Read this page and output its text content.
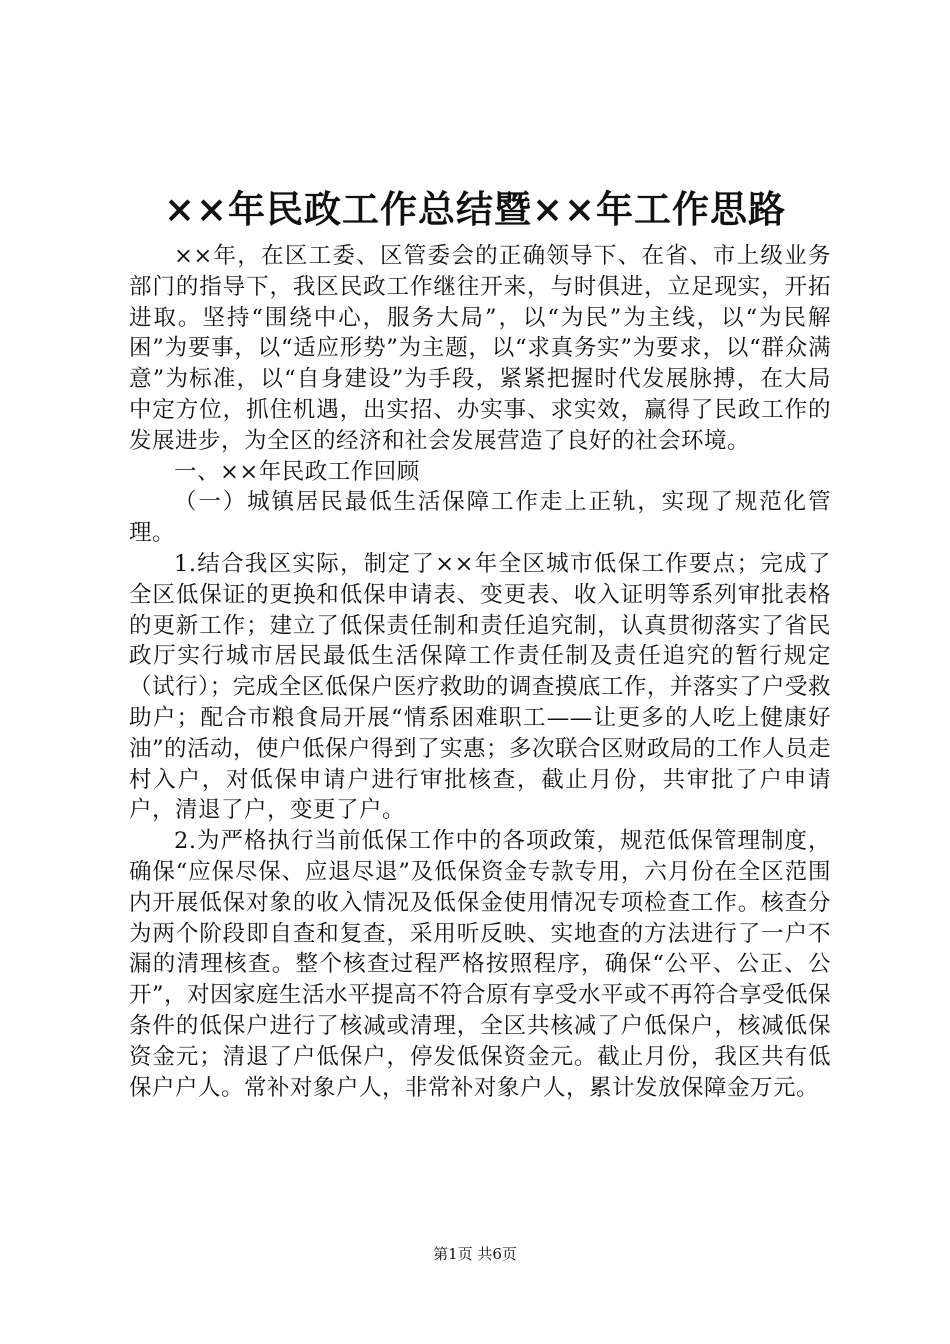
××年民政工作总结暨××年工作思路

××年，在区工委、区管委会的正确领导下、在省、市上级业务部门的指导下，我区民政工作继往开来，与时俱进，立足现实，开拓进取。坚持“围绕中心，服务大局”，以“为民”为主线，以“为民解困”为要事，以“适应形势”为主题，以“求真务实”为要求，以“群众满意”为标准，以“自身建设”为手段，紧紧把握时代发展脉搏，在大局中定方位，抓住机遇，出实招、办实事、求实效，赢得了民政工作的发展进步，为全区的经济和社会发展营造了良好的社会环境。

一、××年民政工作回顾

（一）城镇居民最低生活保障工作走上正轨，实现了规范化管理。

1.结合我区实际，制定了××年全区城市低保工作要点；完成了全区低保证的更换和低保申请表、变更表、收入证明等系列审批表格的更新工作；建立了低保责任制和责任追究制，认真贯彻落实了省民政厅实行城市居民最低生活保障工作责任制及责任追究的暂行规定（试行）；完成全区低保户医疗救助的调查摸底工作，并落实了户受救助户；配合市粮食局开展“情系困难职工——让更多的人吃上健康好油”的活动，使户低保户得到了实惠；多次联合区财政局的工作人员走村入户，对低保申请户进行审批核查，截止月份，共审批了户申请户，清退了户，变更了户。

2.为严格执行当前低保工作中的各项政策，规范低保管理制度，确保“应保尽保、应退尽退”及低保资金专款专用，六月份在全区范围内开展低保对象的收入情况及低保金使用情况专项检查工作。核查分为两个阶段即自查和复查，采用听反映、实地查的方法进行了一户不漏的清理核查。整个核查过程严格按照程序，确保“公平、公正、公开”，对因家庭生活水平提高不符合原有享受水平或不再符合享受低保条件的低保户进行了核减或清理，全区共核减了户低保户，核减低保资金元；清退了户低保户，停发低保资金元。截止月份，我区共有低保户户人。常补对象户人，非常补对象户人，累计发放保障金万元。

第1页 共6页
